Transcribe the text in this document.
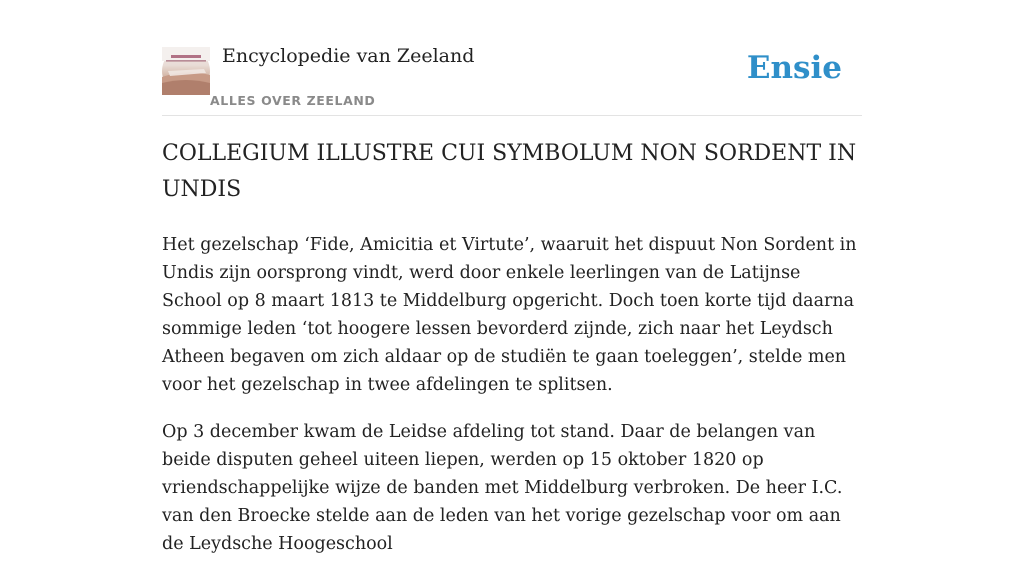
Encyclopedie van Zeeland
ALLES OVER ZEELAND
Ensie
COLLEGIUM ILLUSTRE CUI SYMBOLUM NON SORDENT IN UNDIS

Het gezelschap ‘Fide, Amicitia et Virtute’, waaruit het dispuut Non Sordent in Undis zijn oorsprong vindt, werd door enkele leerlingen van de Latijnse School op 8 maart 1813 te Middelburg opgericht. Doch toen korte tijd daarna sommige leden ‘tot hoogere lessen bevorderd zijnde, zich naar het Leydsch Atheen begaven om zich aldaar op de studiën te gaan toeleggen’, stelde men voor het gezelschap in twee afdelingen te splitsen.

Op 3 december kwam de Leidse afdeling tot stand. Daar de belangen van beide disputen geheel uiteen liepen, werden op 15 oktober 1820 op vriendschappelijke wijze de banden met Middelburg verbroken. De heer I.C. van den Broecke stelde aan de leden van het vorige gezelschap voor om aan de Leydsche Hoogeschool
